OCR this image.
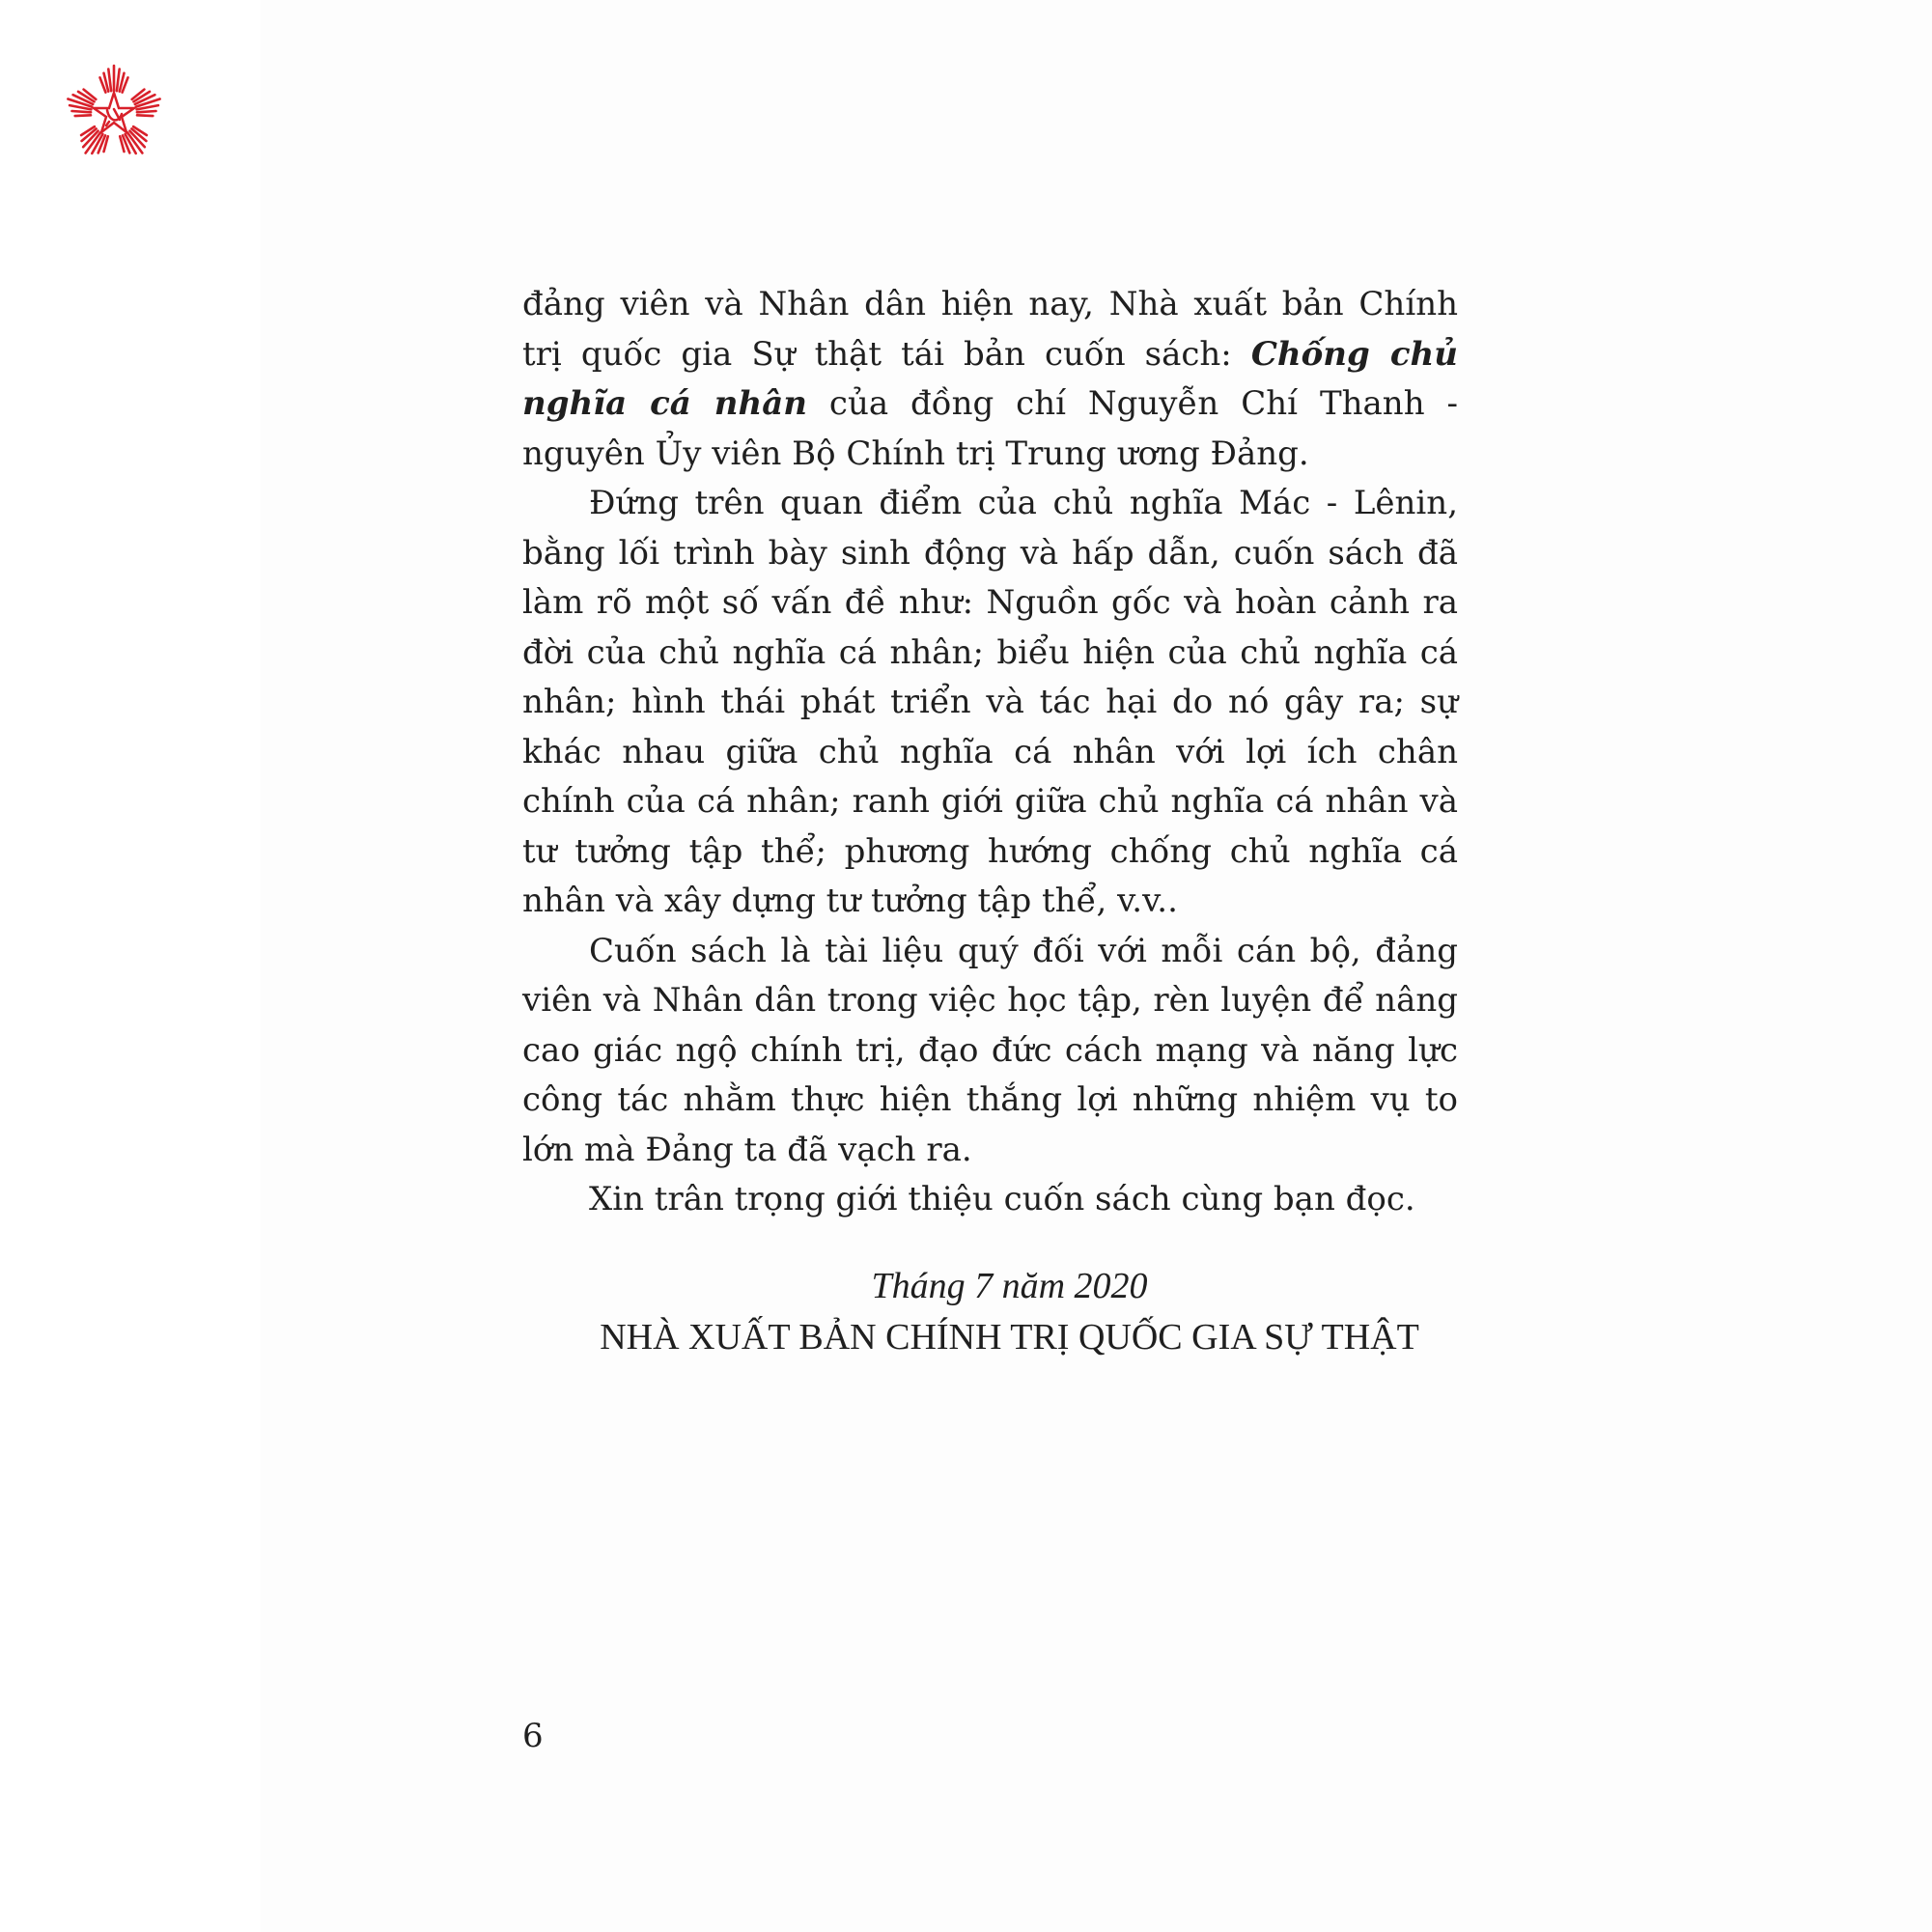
đảng viên và Nhân dân hiện nay, Nhà xuất bản Chính trị quốc gia Sự thật tái bản cuốn sách: Chống chủ nghĩa cá nhân của đồng chí Nguyễn Chí Thanh - nguyên Ủy viên Bộ Chính trị Trung ương Đảng.

Đứng trên quan điểm của chủ nghĩa Mác - Lênin, bằng lối trình bày sinh động và hấp dẫn, cuốn sách đã làm rõ một số vấn đề như: Nguồn gốc và hoàn cảnh ra đời của chủ nghĩa cá nhân; biểu hiện của chủ nghĩa cá nhân; hình thái phát triển và tác hại do nó gây ra; sự khác nhau giữa chủ nghĩa cá nhân với lợi ích chân chính của cá nhân; ranh giới giữa chủ nghĩa cá nhân và tư tưởng tập thể; phương hướng chống chủ nghĩa cá nhân và xây dựng tư tưởng tập thể, v.v..

Cuốn sách là tài liệu quý đối với mỗi cán bộ, đảng viên và Nhân dân trong việc học tập, rèn luyện để nâng cao giác ngộ chính trị, đạo đức cách mạng và năng lực công tác nhằm thực hiện thắng lợi những nhiệm vụ to lớn mà Đảng ta đã vạch ra.

Xin trân trọng giới thiệu cuốn sách cùng bạn đọc.

Tháng 7 năm 2020
NHÀ XUẤT BẢN CHÍNH TRỊ QUỐC GIA SỰ THẬT
6
